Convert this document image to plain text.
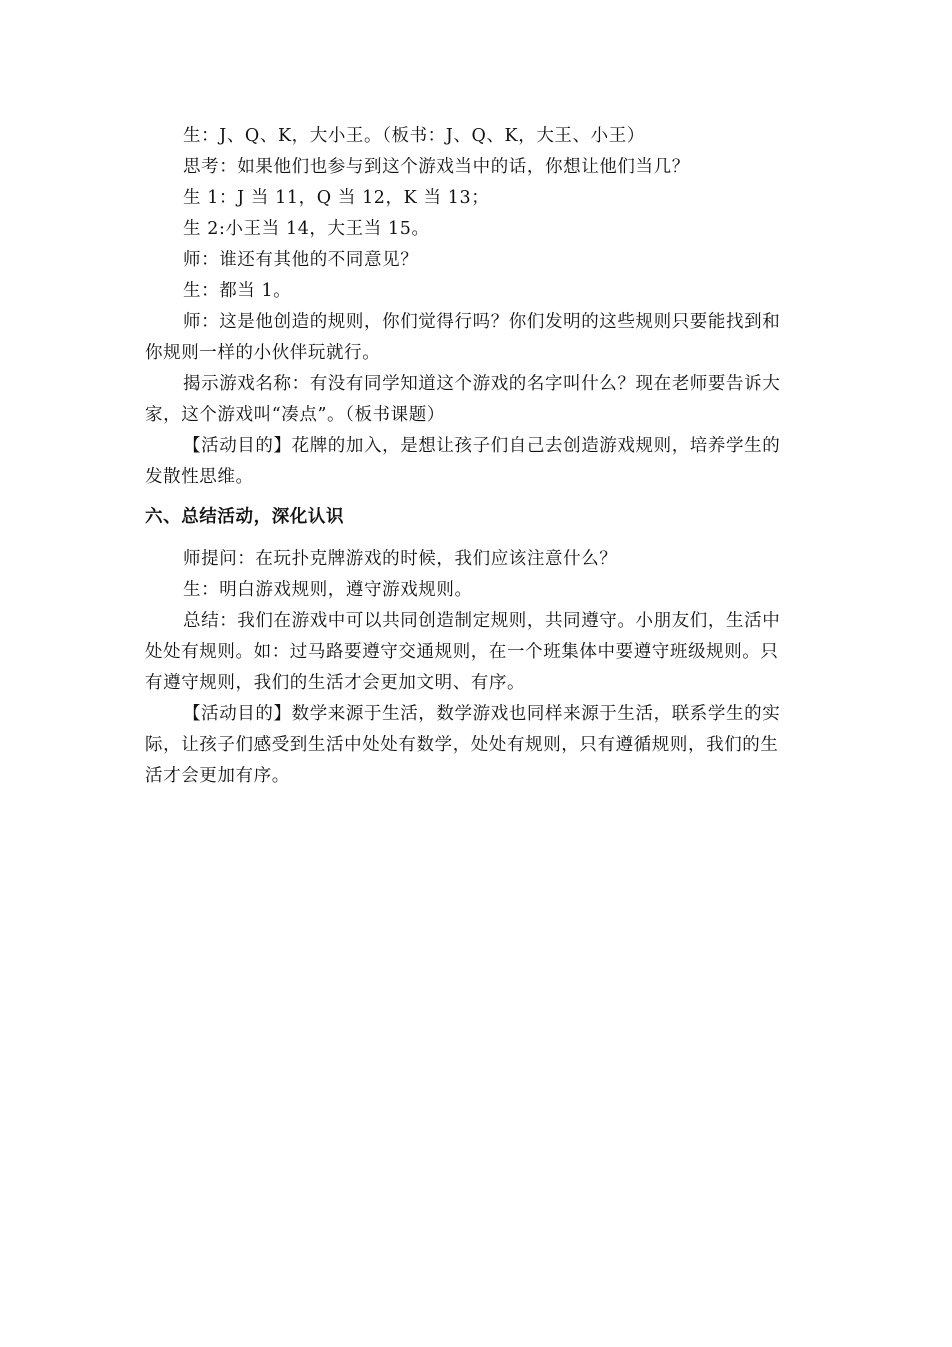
生：J、Q、K，大小王。（板书：J、Q、K，大王、小王）

思考：如果他们也参与到这个游戏当中的话，你想让他们当几？

生 1：J 当 11，Q 当 12，K 当 13；

生 2:小王当 14，大王当 15。

师：谁还有其他的不同意见？

生：都当 1。

师：这是他创造的规则，你们觉得行吗？你们发明的这些规则只要能找到和
你规则一样的小伙伴玩就行。

揭示游戏名称：有没有同学知道这个游戏的名字叫什么？现在老师要告诉大
家，这个游戏叫“凑点”。（板书课题）

【活动目的】花牌的加入，是想让孩子们自己去创造游戏规则，培养学生的
发散性思维。

六、总结活动，深化认识

师提问：在玩扑克牌游戏的时候，我们应该注意什么？

生：明白游戏规则，遵守游戏规则。

总结：我们在游戏中可以共同创造制定规则，共同遵守。小朋友们，生活中
处处有规则。如：过马路要遵守交通规则，在一个班集体中要遵守班级规则。只
有遵守规则，我们的生活才会更加文明、有序。

【活动目的】数学来源于生活，数学游戏也同样来源于生活，联系学生的实
际，让孩子们感受到生活中处处有数学，处处有规则，只有遵循规则，我们的生
活才会更加有序。
